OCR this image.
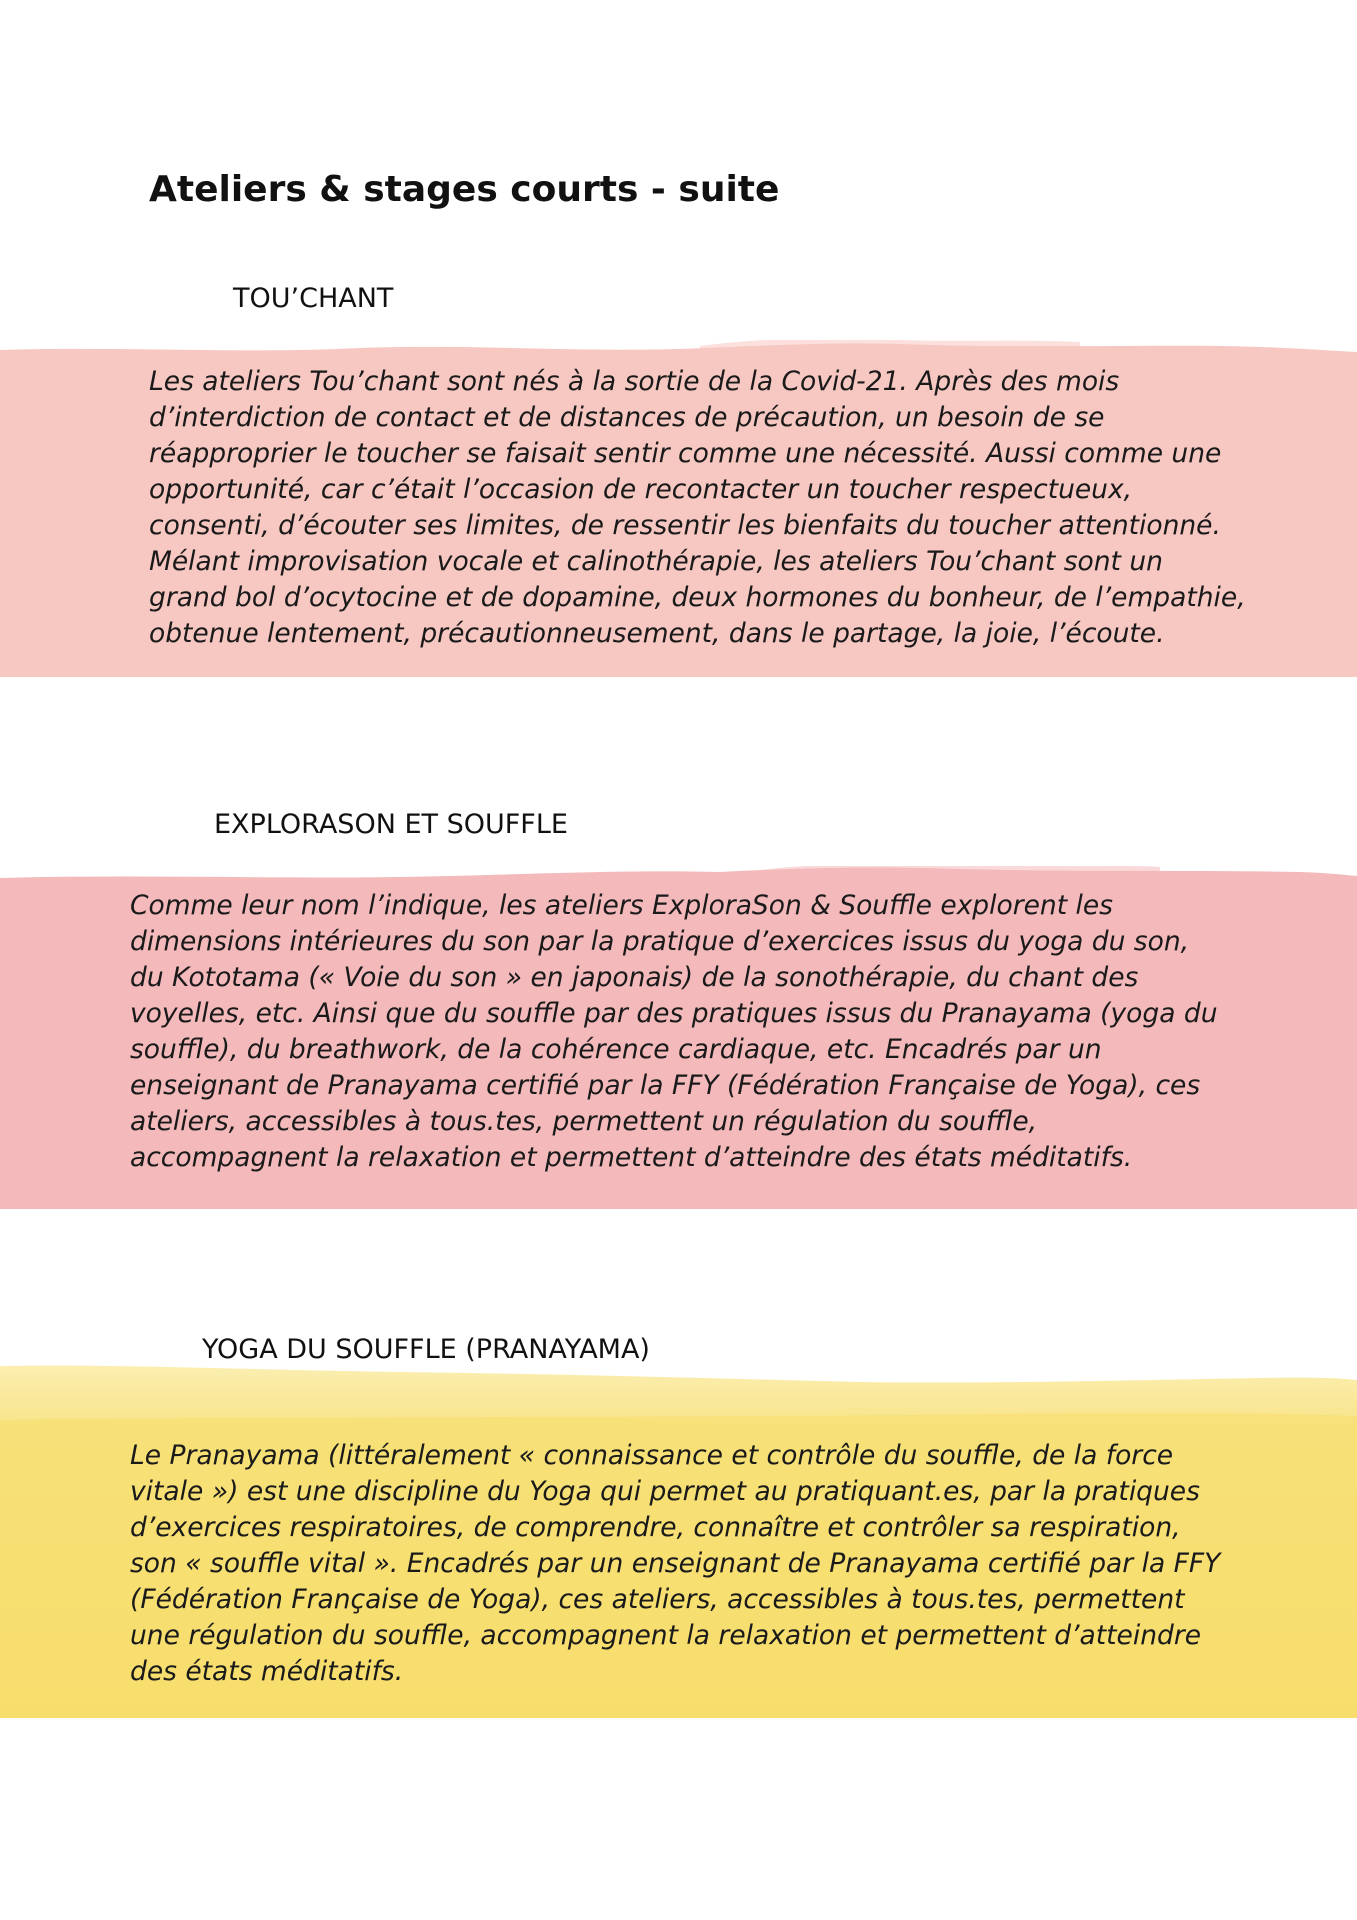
Ateliers & stages courts - suite
TOU’CHANT

Les ateliers Tou’chant sont nés à la sortie de la Covid-21. Après des mois
d’interdiction de contact et de distances de précaution, un besoin de se
réapproprier le toucher se faisait sentir comme une nécessité. Aussi comme une
opportunité, car c’était l’occasion de recontacter un toucher respectueux,
consenti, d’écouter ses limites, de ressentir les bienfaits du toucher attentionné.
Mélant improvisation vocale et calinothérapie, les ateliers Tou’chant sont un
grand bol d’ocytocine et de dopamine, deux hormones du bonheur, de l’empathie,
obtenue lentement, précautionneusement, dans le partage, la joie, l’écoute.

EXPLORASON ET SOUFFLE

Comme leur nom l’indique, les ateliers ExploraSon & Souffle explorent les
dimensions intérieures du son par la pratique d’exercices issus du yoga du son,
du Kototama (« Voie du son » en japonais) de la sonothérapie, du chant des
voyelles, etc. Ainsi que du souffle par des pratiques issus du Pranayama (yoga du
souffle), du breathwork, de la cohérence cardiaque, etc. Encadrés par un
enseignant de Pranayama certifié par la FFY (Fédération Française de Yoga), ces
ateliers, accessibles à tous.tes, permettent un régulation du souffle,
accompagnent la relaxation et permettent d’atteindre des états méditatifs.

YOGA DU SOUFFLE (PRANAYAMA)

Le Pranayama (littéralement « connaissance et contrôle du souffle, de la force
vitale ») est une discipline du Yoga qui permet au pratiquant.es, par la pratiques
d’exercices respiratoires, de comprendre, connaître et contrôler sa respiration,
son « souffle vital ». Encadrés par un enseignant de Pranayama certifié par la FFY
(Fédération Française de Yoga), ces ateliers, accessibles à tous.tes, permettent
une régulation du souffle, accompagnent la relaxation et permettent d’atteindre
des états méditatifs.
